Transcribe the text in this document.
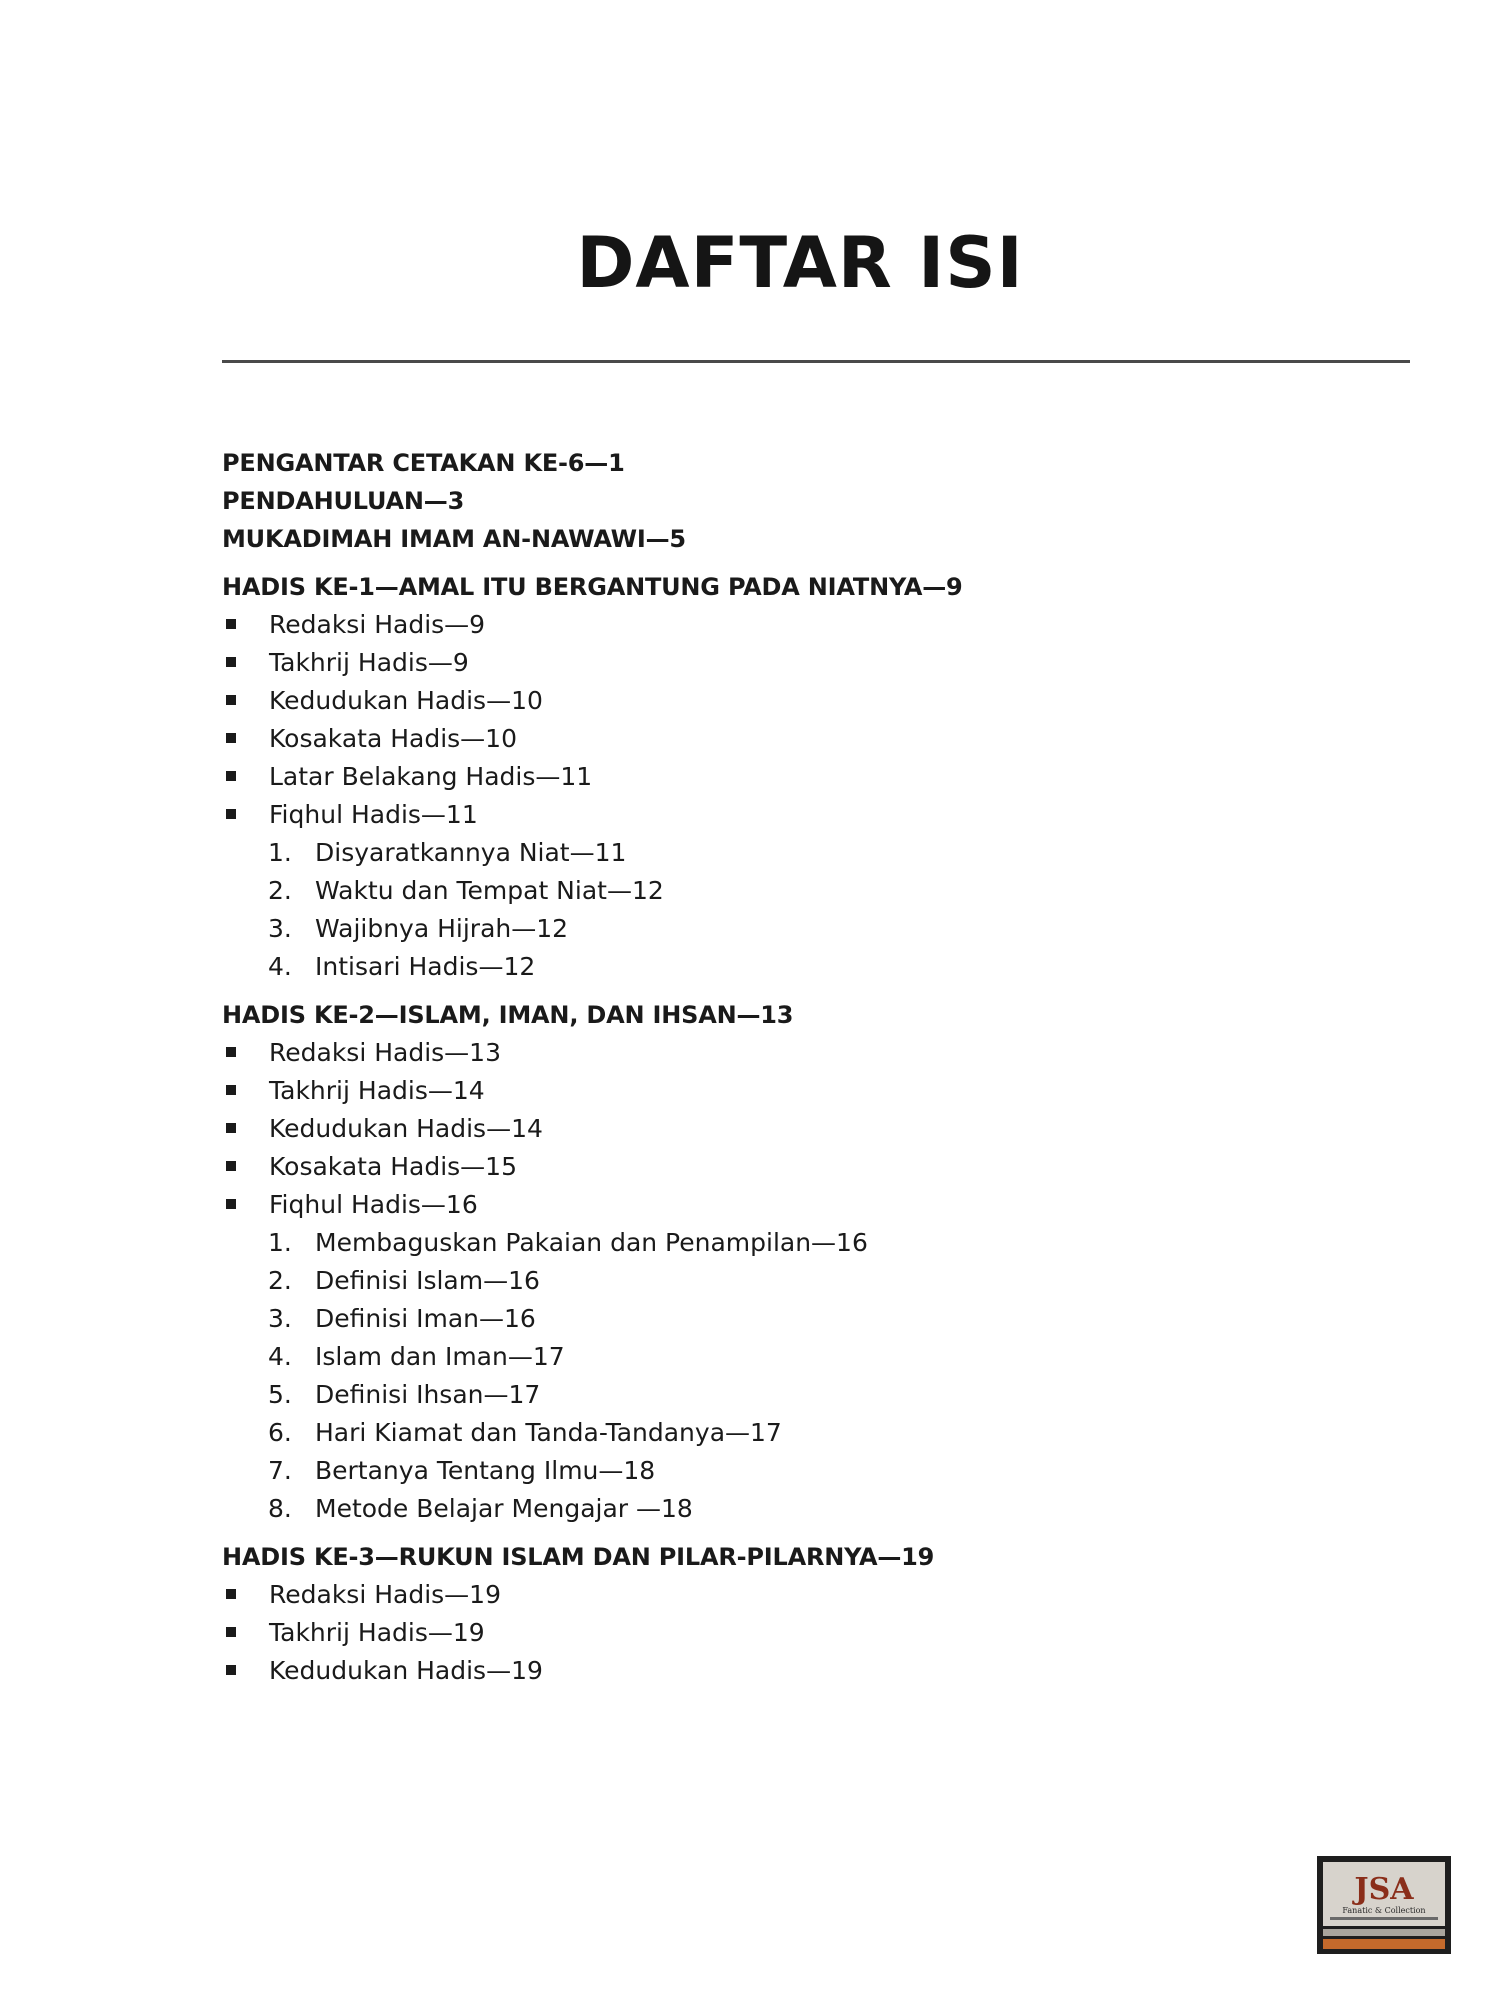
DAFTAR ISI
PENGANTAR CETAKAN KE-6—1
PENDAHULUAN—3
MUKADIMAH IMAM AN-NAWAWI—5
HADIS KE-1—AMAL ITU BERGANTUNG PADA NIATNYA—9
Redaksi Hadis—9
Takhrij Hadis—9
Kedudukan Hadis—10
Kosakata Hadis—10
Latar Belakang Hadis—11
Fiqhul Hadis—11
1. Disyaratkannya Niat—11
2. Waktu dan Tempat Niat—12
3. Wajibnya Hijrah—12
4. Intisari Hadis—12
HADIS KE-2—ISLAM, IMAN, DAN IHSAN—13
Redaksi Hadis—13
Takhrij Hadis—14
Kedudukan Hadis—14
Kosakata Hadis—15
Fiqhul Hadis—16
1. Membaguskan Pakaian dan Penampilan—16
2. Definisi Islam—16
3. Definisi Iman—16
4. Islam dan Iman—17
5. Definisi Ihsan—17
6. Hari Kiamat dan Tanda-Tandanya—17
7. Bertanya Tentang Ilmu—18
8. Metode Belajar Mengajar —18
HADIS KE-3—RUKUN ISLAM DAN PILAR-PILARNYA—19
Redaksi Hadis—19
Takhrij Hadis—19
Kedudukan Hadis—19
JSA
Fanatic & Collection
